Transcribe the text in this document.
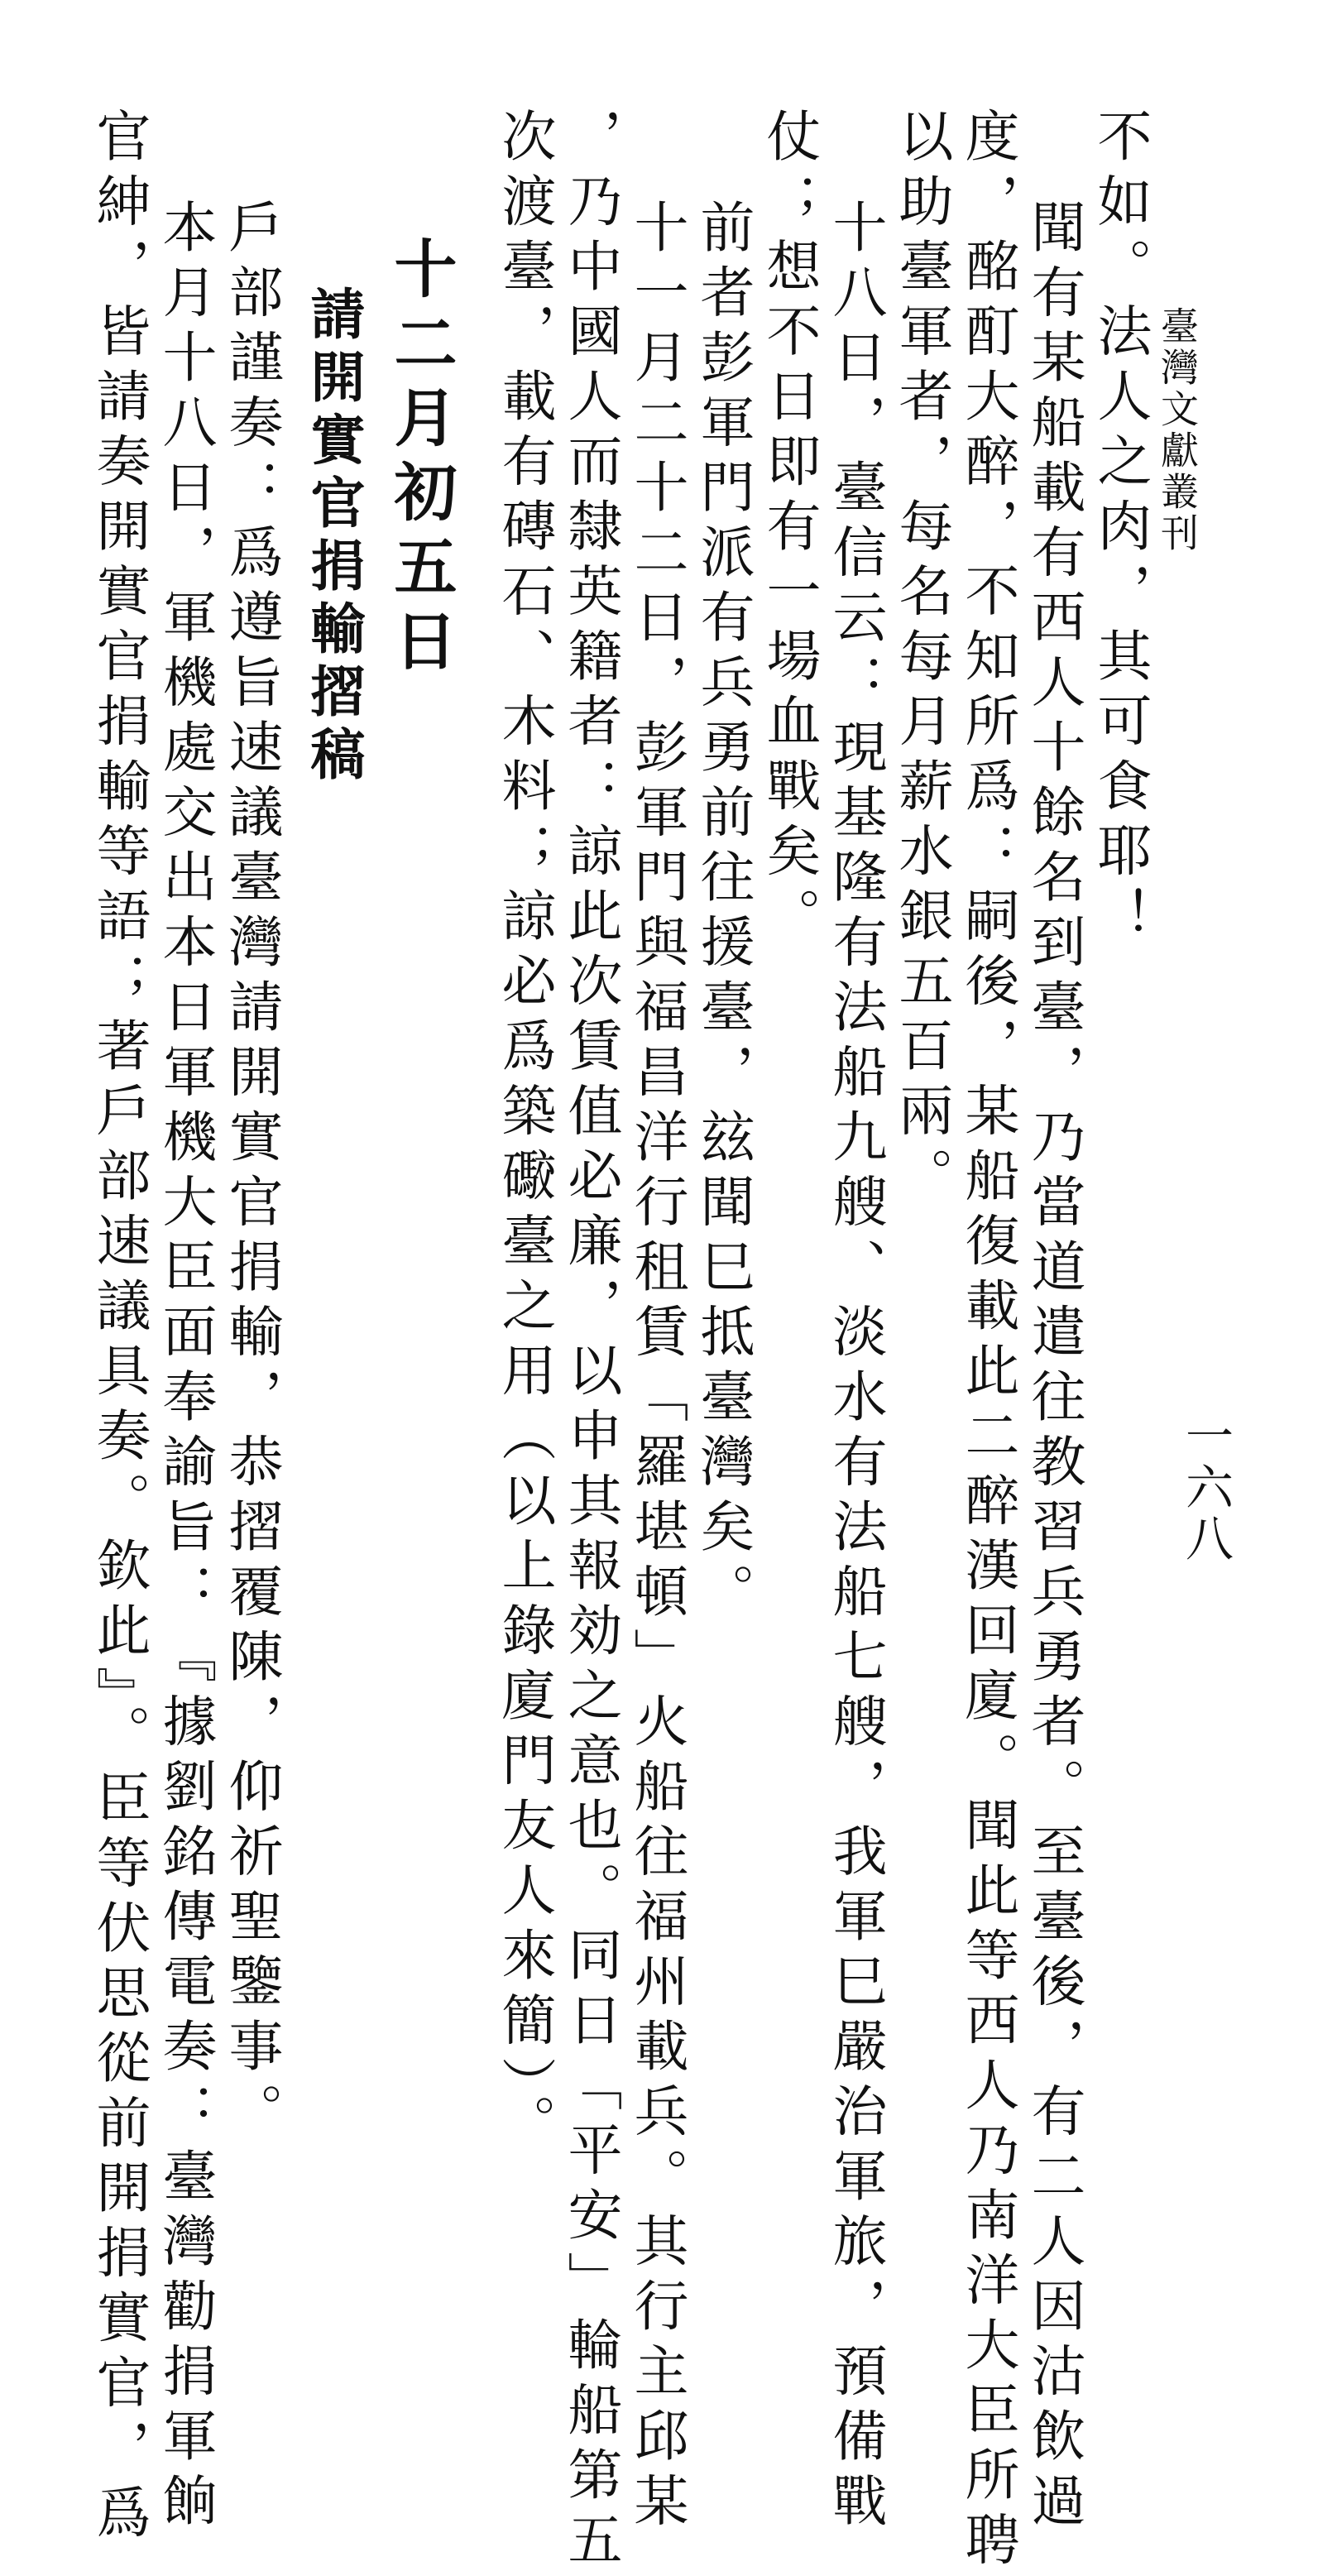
臺灣文獻叢刊
一六八
不如。法人之肉，其可食耶！
聞有某船載有西人十餘名到臺，乃當道遣往教習兵勇者。至臺後，有二人因沽飲過
度，酩酊大醉，不知所爲：嗣後，某船復載此二醉漢回廈。聞此等西人乃南洋大臣所聘
以助臺軍者，每名每月薪水銀五百兩。
十八日，臺信云：現基隆有法船九艘、淡水有法船七艘，我軍巳嚴治軍旅，預備戰
仗；想不日即有一場血戰矣。
前者彭軍門派有兵勇前往援臺，玆聞巳抵臺灣矣。
十一月二十二日，彭軍門與福昌洋行租賃「羅堪頓」火船往福州載兵。其行主邱某
，乃中國人而隸英籍者：諒此次賃值必廉，以申其報効之意也。同日「平安」輪船第五
次渡臺，載有磚石、木料；諒必爲築礮臺之用（以上錄廈門友人來簡）。
十二月初五日
請開實官捐輸摺稿
戶部謹奏：爲遵旨速議臺灣請開實官捐輸，恭摺覆陳，仰祈聖鑒事。
本月十八日，軍機處交出本日軍機大臣面奉諭旨：『據劉銘傳電奏：臺灣勸捐軍餉
官紳，皆請奏開實官捐輸等語；著戶部速議具奏。欽此』。臣等伏思從前開捐實官，爲
